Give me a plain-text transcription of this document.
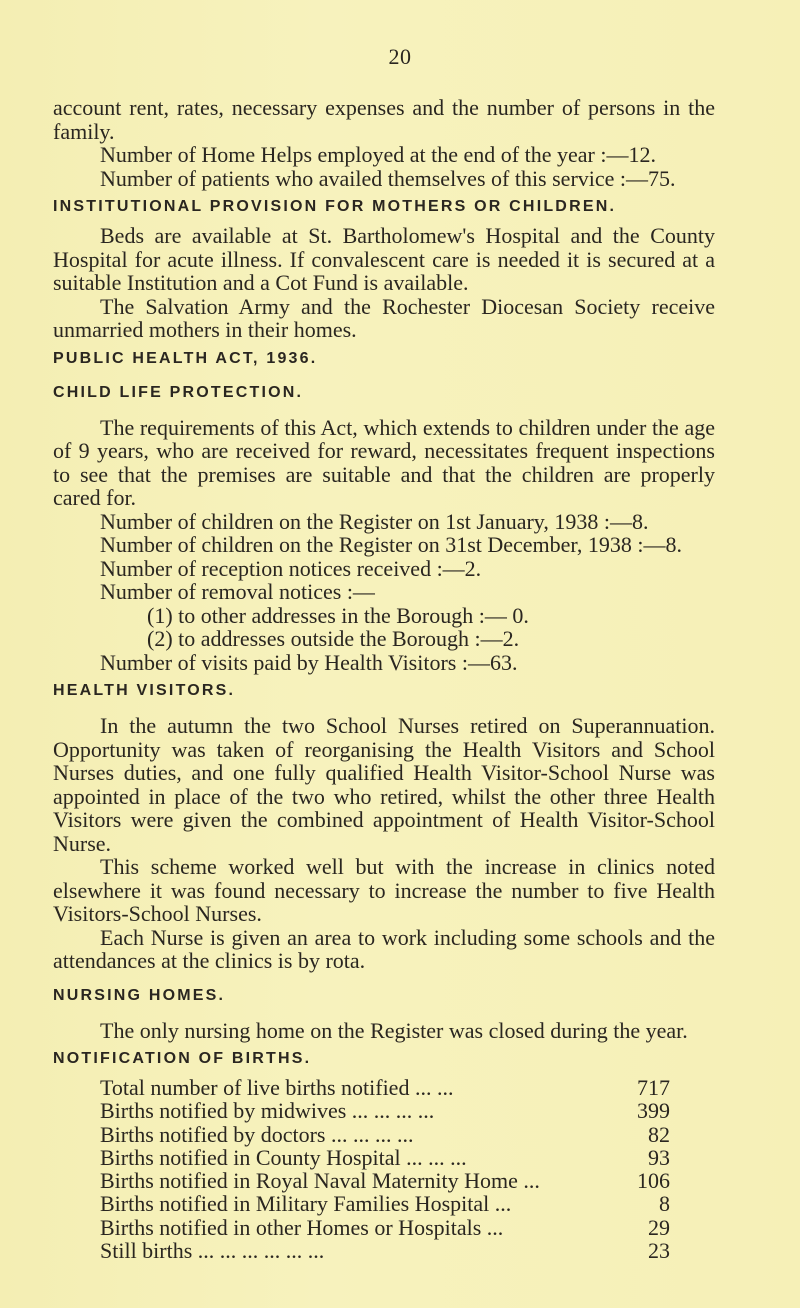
20

account rent, rates, necessary expenses and the number of persons in the family.

Number of Home Helps employed at the end of the year :—12.

Number of patients who availed themselves of this service :—75.

INSTITUTIONAL PROVISION FOR MOTHERS OR CHILDREN.

Beds are available at St. Bartholomew's Hospital and the County Hospital for acute illness. If convalescent care is needed it is secured at a suitable Institution and a Cot Fund is available.

The Salvation Army and the Rochester Diocesan Society receive unmarried mothers in their homes.

PUBLIC HEALTH ACT, 1936.
CHILD LIFE PROTECTION.

The requirements of this Act, which extends to children under the age of 9 years, who are received for reward, necessitates frequent inspections to see that the premises are suitable and that the children are properly cared for.

Number of children on the Register on 1st January, 1938 :—8.

Number of children on the Register on 31st December, 1938 :—8.

Number of reception notices received :—2.

Number of removal notices :—

(1) to other addresses in the Borough :— 0.

(2) to addresses outside the Borough :—2.

Number of visits paid by Health Visitors :—63.

HEALTH VISITORS.

In the autumn the two School Nurses retired on Superannuation. Opportunity was taken of reorganising the Health Visitors and School Nurses duties, and one fully qualified Health Visitor-School Nurse was appointed in place of the two who retired, whilst the other three Health Visitors were given the combined appointment of Health Visitor-School Nurse.

This scheme worked well but with the increase in clinics noted elsewhere it was found necessary to increase the number to five Health Visitors-School Nurses.

Each Nurse is given an area to work including some schools and the attendances at the clinics is by rota.

NURSING HOMES.

The only nursing home on the Register was closed during the year.

NOTIFICATION OF BIRTHS.
Total number of live births notified ... ...	717
Births notified by midwives ... ... ... ...	399
Births notified by doctors ... ... ... ...	82
Births notified in County Hospital ... ... ...	93
Births notified in Royal Naval Maternity Home ...	106
Births notified in Military Families Hospital ...	8
Births notified in other Homes or Hospitals ...	29
Still births ... ... ... ... ... ...	23
